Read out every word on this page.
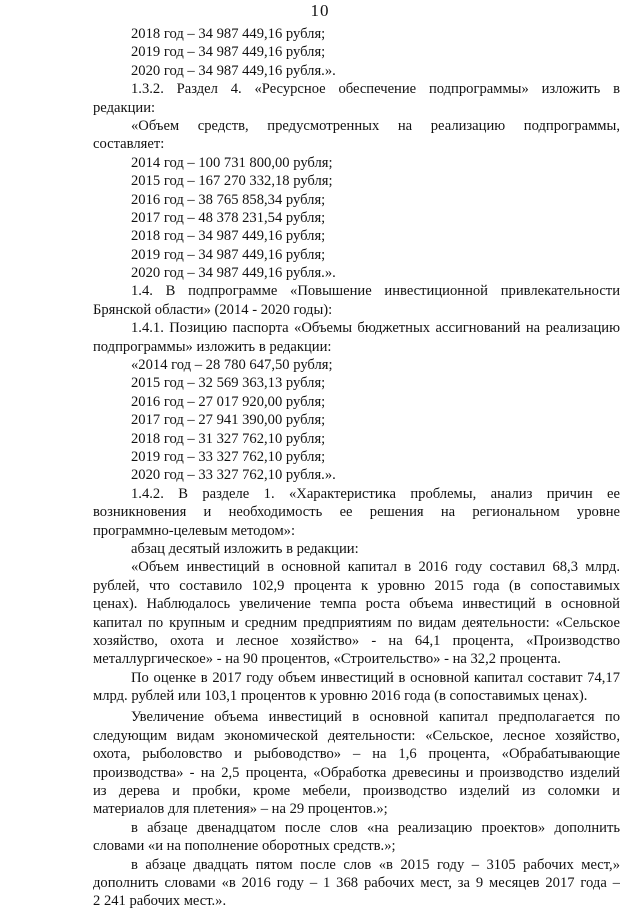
10
2018 год – 34 987 449,16 рубля;
2019 год – 34 987 449,16 рубля;
2020 год – 34 987 449,16 рубля.».
1.3.2. Раздел 4. «Ресурсное обеспечение подпрограммы» изложить в
редакции:
«Объем средств, предусмотренных на реализацию подпрограммы,
составляет:
2014 год – 100 731 800,00 рубля;
2015 год – 167 270 332,18 рубля;
2016 год – 38 765 858,34 рубля;
2017 год – 48 378 231,54 рубля;
2018 год – 34 987 449,16 рубля;
2019 год – 34 987 449,16 рубля;
2020 год – 34 987 449,16 рубля.».
1.4. В подпрограмме «Повышение инвестиционной привлекательности
Брянской области» (2014 - 2020 годы):
1.4.1. Позицию паспорта «Объемы бюджетных ассигнований на реализацию
подпрограммы» изложить в редакции:
«2014 год – 28 780 647,50 рубля;
2015 год – 32 569 363,13 рубля;
2016 год – 27 017 920,00 рубля;
2017 год – 27 941 390,00 рубля;
2018 год – 31 327 762,10 рубля;
2019 год – 33 327 762,10 рубля;
2020 год – 33 327 762,10 рубля.».
1.4.2. В разделе 1. «Характеристика проблемы, анализ причин ее
возникновения и необходимость ее решения на региональном уровне
программно-целевым методом»:
абзац десятый изложить в редакции:
«Объем инвестиций в основной капитал в 2016 году составил 68,3 млрд.
рублей, что составило 102,9 процента к уровню 2015 года (в сопоставимых
ценах). Наблюдалось увеличение темпа роста объема инвестиций в основной
капитал по крупным и средним предприятиям по видам деятельности: «Сельское
хозяйство, охота и лесное хозяйство» - на 64,1 процента, «Производство
металлургическое» - на 90 процентов, «Строительство» - на 32,2 процента.
По оценке в 2017 году объем инвестиций в основной капитал составит 74,17
млрд. рублей или 103,1 процентов к уровню 2016 года (в сопоставимых ценах).
Увеличение объема инвестиций в основной капитал предполагается по
следующим видам экономической деятельности: «Сельское, лесное хозяйство,
охота, рыболовство и рыбоводство» – на 1,6 процента, «Обрабатывающие
производства» - на 2,5 процента, «Обработка древесины и производство изделий
из дерева и пробки, кроме мебели, производство изделий из соломки и
материалов для плетения» – на 29 процентов.»;
в абзаце двенадцатом после слов «на реализацию проектов» дополнить
словами «и на пополнение оборотных средств.»;
в абзаце двадцать пятом после слов «в 2015 году – 3105 рабочих мест,»
дополнить словами «в 2016 году – 1 368 рабочих мест, за 9 месяцев 2017 года –
2 241 рабочих мест.».
